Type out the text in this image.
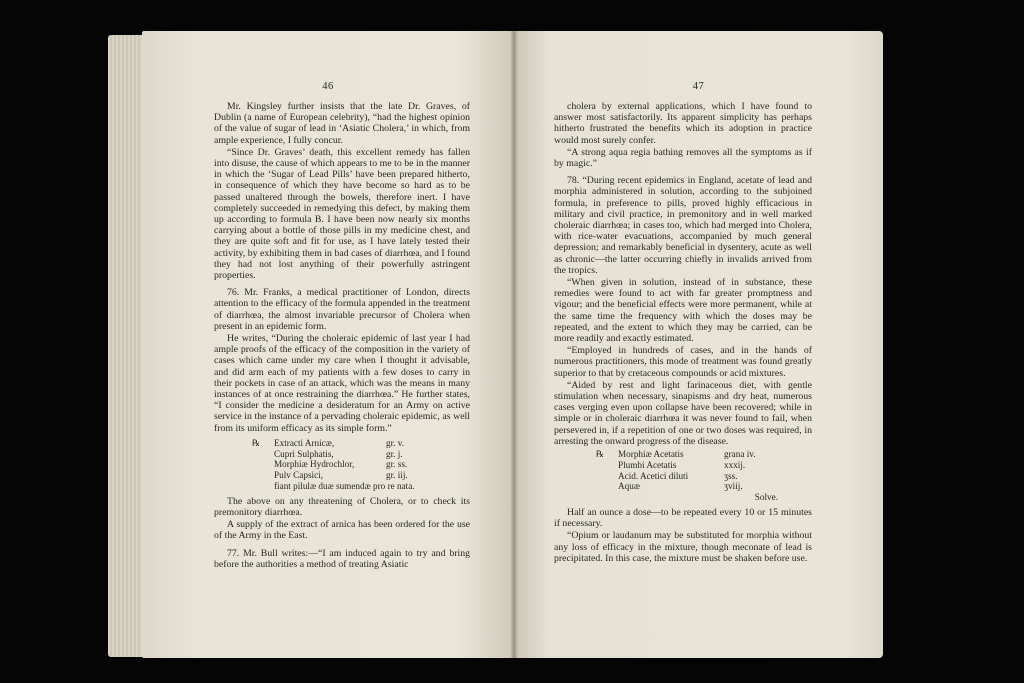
46

Mr. Kingsley further insists that the late Dr. Graves, of Dublin (a name of European celebrity), “had the highest opinion of the value of sugar of lead in ‘Asiatic Cholera,’ in which, from ample experience, I fully concur.

“Since Dr. Graves’ death, this excellent remedy has fallen into disuse, the cause of which appears to me to be in the manner in which the ‘Sugar of Lead Pills’ have been prepared hitherto, in consequence of which they have become so hard as to be passed unaltered through the bowels, therefore inert. I have completely succeeded in remedying this defect, by making them up according to formula B. I have been now nearly six months carrying about a bottle of those pills in my medicine chest, and they are quite soft and fit for use, as I have lately tested their activity, by exhibiting them in bad cases of diarrhœa, and I found they had not lost anything of their powerfully astringent properties.

76. Mr. Franks, a medical practitioner of London, directs attention to the efficacy of the formula appended in the treatment of diarrhœa, the almost invariable precursor of Cholera when present in an epidemic form.

He writes, “During the choleraic epidemic of last year I had ample proofs of the efficacy of the composition in the variety of cases which came under my care when I thought it advisable, and did arm each of my patients with a few doses to carry in their pockets in case of an attack, which was the means in many instances of at once restraining the diarrhœa.” He further states, “I consider the medicine a desideratum for an Army on active service in the instance of a pervading choleraic epidemic, as well from its uniform efficacy as its simple form.”

℞	Extracti Arnicæ,	gr. v.
Cupri Sulphatis,	gr. j.
Morphiæ Hydrochlor,	gr. ss.
Pulv Capsici,	gr. iij.
fiant pilulæ duæ sumendæ pro re nata.

The above on any threatening of Cholera, or to check its premonitory diarrhœa.

A supply of the extract of arnica has been ordered for the use of the Army in the East.

77. Mr. Bull writes:—“I am induced again to try and bring before the authorities a method of treating Asiatic

47

cholera by external applications, which I have found to answer most satisfactorily. Its apparent simplicity has perhaps hitherto frustrated the benefits which its adoption in practice would most surely confer.

“A strong aqua regia bathing removes all the symptoms as if by magic.”

78. “During recent epidemics in England, acetate of lead and morphia administered in solution, according to the subjoined formula, in preference to pills, proved highly efficacious in military and civil practice, in premonitory and in well marked choleraic diarrhœa; in cases too, which had merged into Cholera, with rice-water evacuations, accompanied by much general depression; and remarkably beneficial in dysentery, acute as well as chronic—the latter occurring chiefly in invalids arrived from the tropics.

“When given in solution, instead of in substance, these remedies were found to act with far greater promptness and vigour; and the beneficial effects were more permanent, while at the same time the frequency with which the doses may be repeated, and the extent to which they may be carried, can be more readily and exactly estimated.

“Employed in hundreds of cases, and in the hands of numerous practitioners, this mode of treatment was found greatly superior to that by cretaceous compounds or acid mixtures.

“Aided by rest and light farinaceous diet, with gentle stimulation when necessary, sinapisms and dry heat, numerous cases verging even upon collapse have been recovered; while in simple or in choleraic diarrhœa it was never found to fail, when persevered in, if a repetition of one or two doses was required, in arresting the onward progress of the disease.

℞	Morphiæ Acetatis	grana iv.
Plumbi Acetatis	xxxij.
Acid. Acetici diluti	ʒss.
Aquæ	ʒviij.
Solve.

Half an ounce a dose—to be repeated every 10 or 15 minutes if necessary.

“Opium or laudanum may be substituted for morphia without any loss of efficacy in the mixture, though meconate of lead is precipitated. In this case, the mixture must be shaken before use.
